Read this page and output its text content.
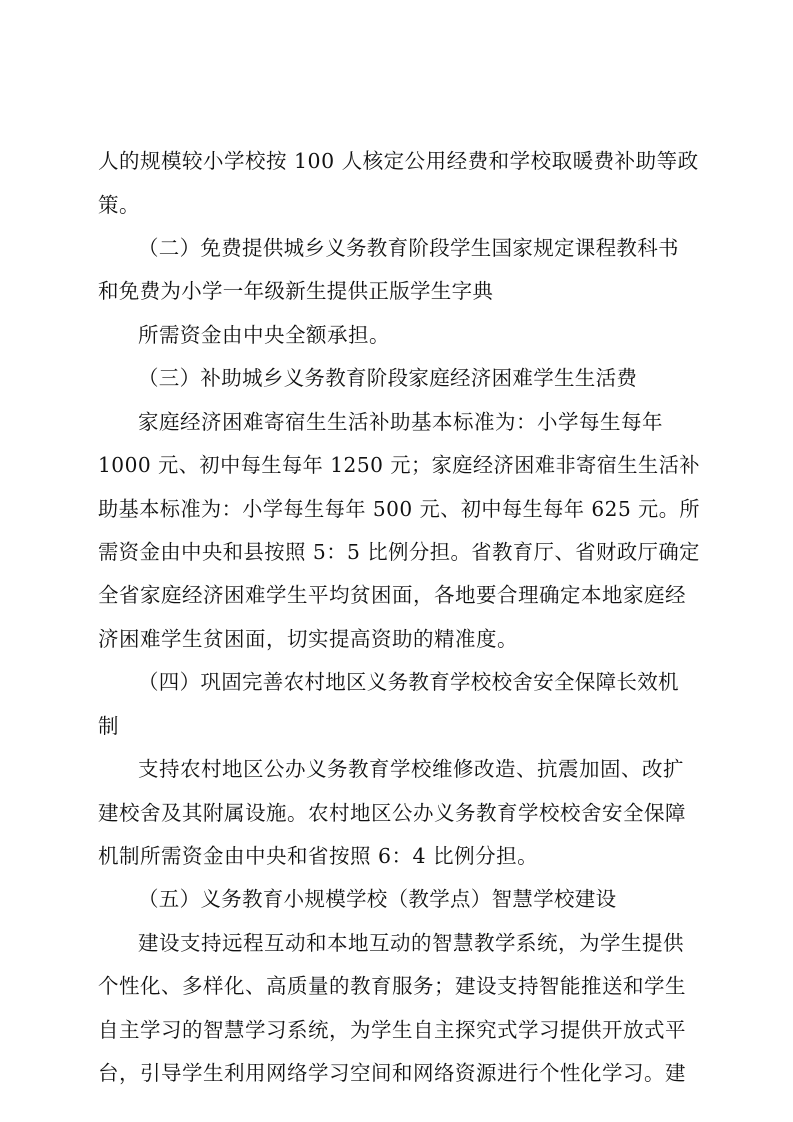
人的规模较小学校按 100 人核定公用经费和学校取暖费补助等政
策。
（二）免费提供城乡义务教育阶段学生国家规定课程教科书
和免费为小学一年级新生提供正版学生字典
所需资金由中央全额承担。
（三）补助城乡义务教育阶段家庭经济困难学生生活费
家庭经济困难寄宿生生活补助基本标准为：小学每生每年
1000 元、初中每生每年 1250 元；家庭经济困难非寄宿生生活补
助基本标准为：小学每生每年 500 元、初中每生每年 625 元。所
需资金由中央和县按照 5：5 比例分担。省教育厅、省财政厅确定
全省家庭经济困难学生平均贫困面，各地要合理确定本地家庭经
济困难学生贫困面，切实提高资助的精准度。
（四）巩固完善农村地区义务教育学校校舍安全保障长效机
制
支持农村地区公办义务教育学校维修改造、抗震加固、改扩
建校舍及其附属设施。农村地区公办义务教育学校校舍安全保障
机制所需资金由中央和省按照 6：4 比例分担。
（五）义务教育小规模学校（教学点）智慧学校建设
建设支持远程互动和本地互动的智慧教学系统，为学生提供
个性化、多样化、高质量的教育服务；建设支持智能推送和学生
自主学习的智慧学习系统，为学生自主探究式学习提供开放式平
台，引导学生利用网络学习空间和网络资源进行个性化学习。建
